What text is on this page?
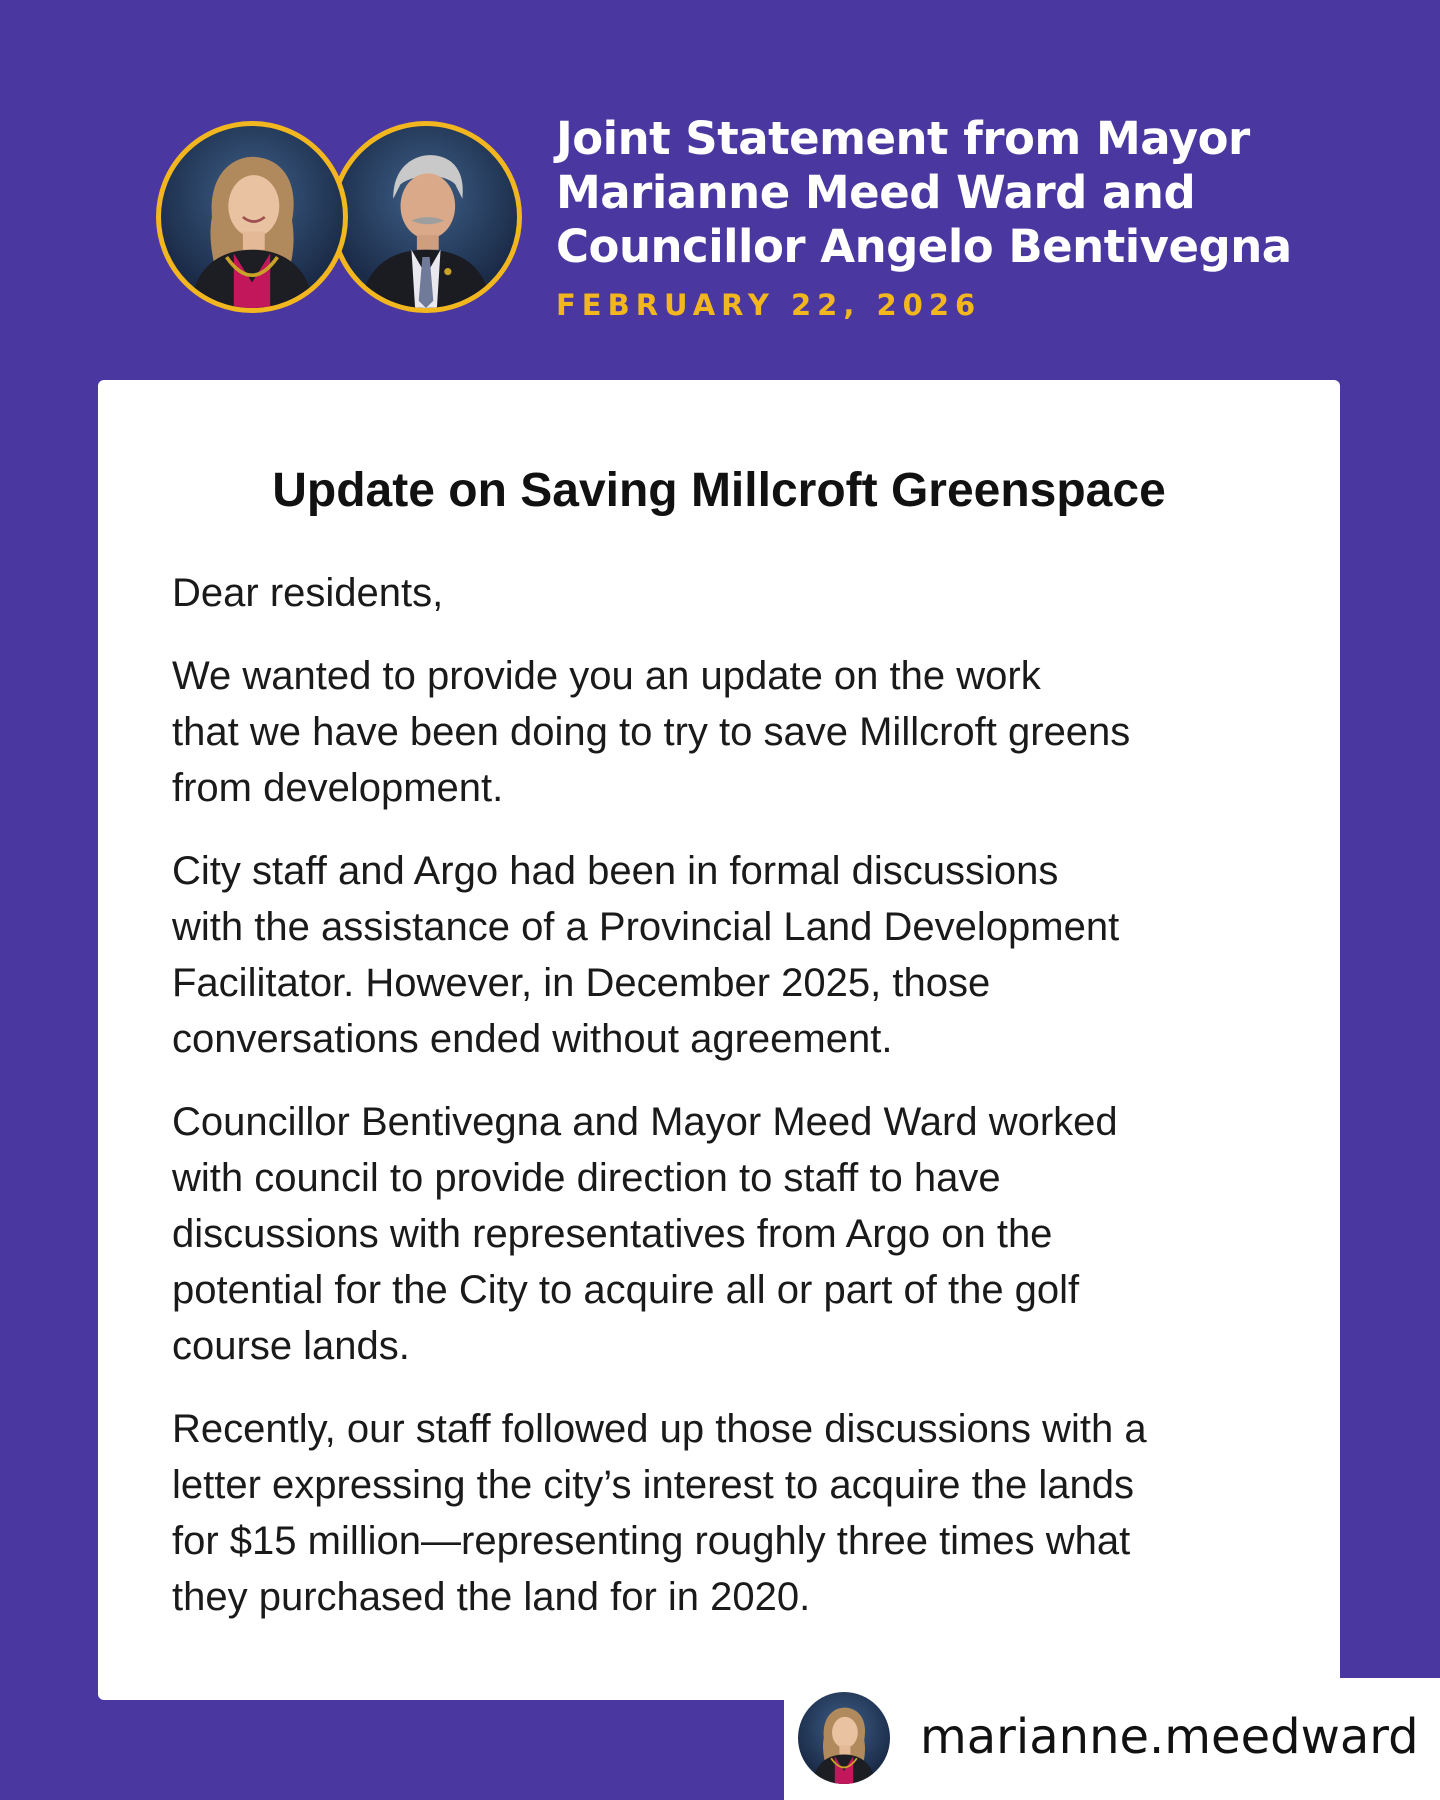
Joint Statement from Mayor
Marianne Meed Ward and
Councillor Angelo Bentivegna
FEBRUARY 22, 2026
Update on Saving Millcroft Greenspace

Dear residents,

We wanted to provide you an update on the work
that we have been doing to try to save Millcroft greens
from development.

City staff and Argo had been in formal discussions
with the assistance of a Provincial Land Development
Facilitator. However, in December 2025, those
conversations ended without agreement.

Councillor Bentivegna and Mayor Meed Ward worked
with council to provide direction to staff to have
discussions with representatives from Argo on the
potential for the City to acquire all or part of the golf
course lands.

Recently, our staff followed up those discussions with a
letter expressing the city’s interest to acquire the lands
for $15 million—representing roughly three times what
they purchased the land for in 2020.

marianne.meedward
